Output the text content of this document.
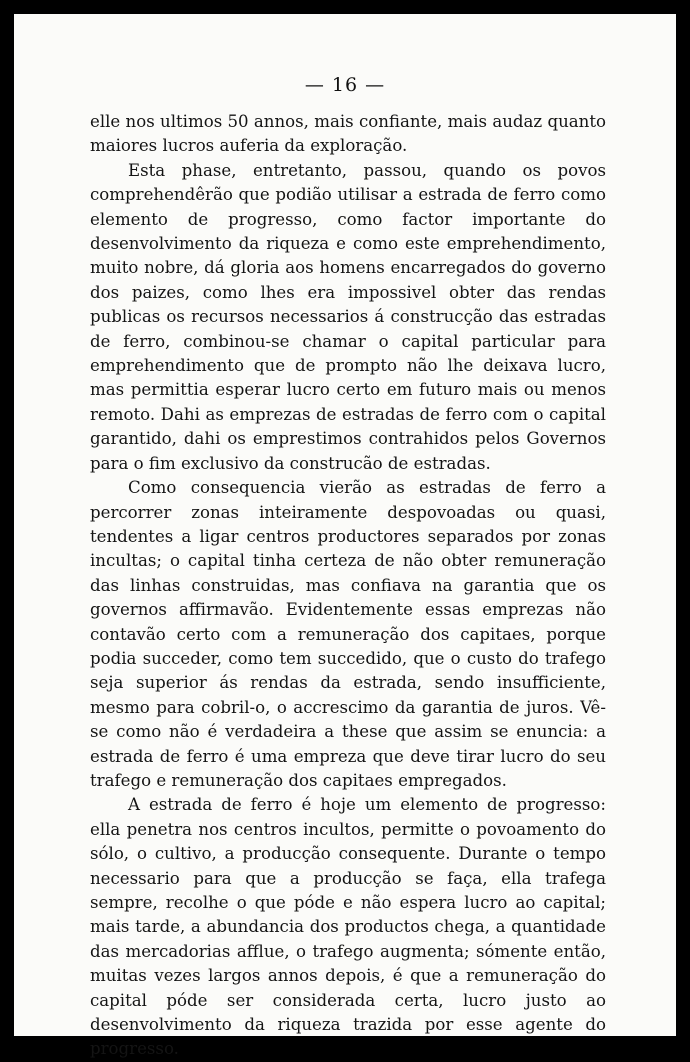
— 16 —

elle nos ultimos 50 annos, mais confiante, mais audaz quanto maiores lucros auferia da exploração.

Esta phase, entretanto, passou, quando os povos comprehendêrão que podião utilisar a estrada de ferro como elemento de progresso, como factor importante do desenvolvimento da riqueza e como este emprehendimento, muito nobre, dá gloria aos homens encarregados do governo dos paizes, como lhes era impossivel obter das rendas publicas os recursos necessarios á construcção das estradas de ferro, combinou-se chamar o capital particular para emprehendimento que de prompto não lhe deixava lucro, mas permittia esperar lucro certo em futuro mais ou menos remoto. Dahi as emprezas de estradas de ferro com o capital garantido, dahi os emprestimos contrahidos pelos Governos para o fim exclusivo da construcão de estradas.

Como consequencia vierão as estradas de ferro a percorrer zonas inteiramente despovoadas ou quasi, tendentes a ligar centros productores separados por zonas incultas; o capital tinha certeza de não obter remuneração das linhas construidas, mas confiava na garantia que os governos affirmavão. Evidentemente essas emprezas não contavão certo com a remuneração dos capitaes, porque podia succeder, como tem succedido, que o custo do trafego seja superior ás rendas da estrada, sendo insufficiente, mesmo para cobril-o, o accrescimo da garantia de juros. Vê-se como não é verdadeira a these que assim se enuncia: a estrada de ferro é uma empreza que deve tirar lucro do seu trafego e remuneração dos capitaes empregados.

A estrada de ferro é hoje um elemento de progresso: ella penetra nos centros incultos, permitte o povoamento do sólo, o cultivo, a producção consequente. Durante o tempo necessario para que a producção se faça, ella trafega sempre, recolhe o que póde e não espera lucro ao capital; mais tarde, a abundancia dos productos chega, a quantidade das mercadorias afflue, o trafego augmenta; sómente então, muitas vezes largos annos depois, é que a remuneração do capital póde ser considerada certa, lucro justo ao desenvolvimento da riqueza trazida por esse agente do progresso.
